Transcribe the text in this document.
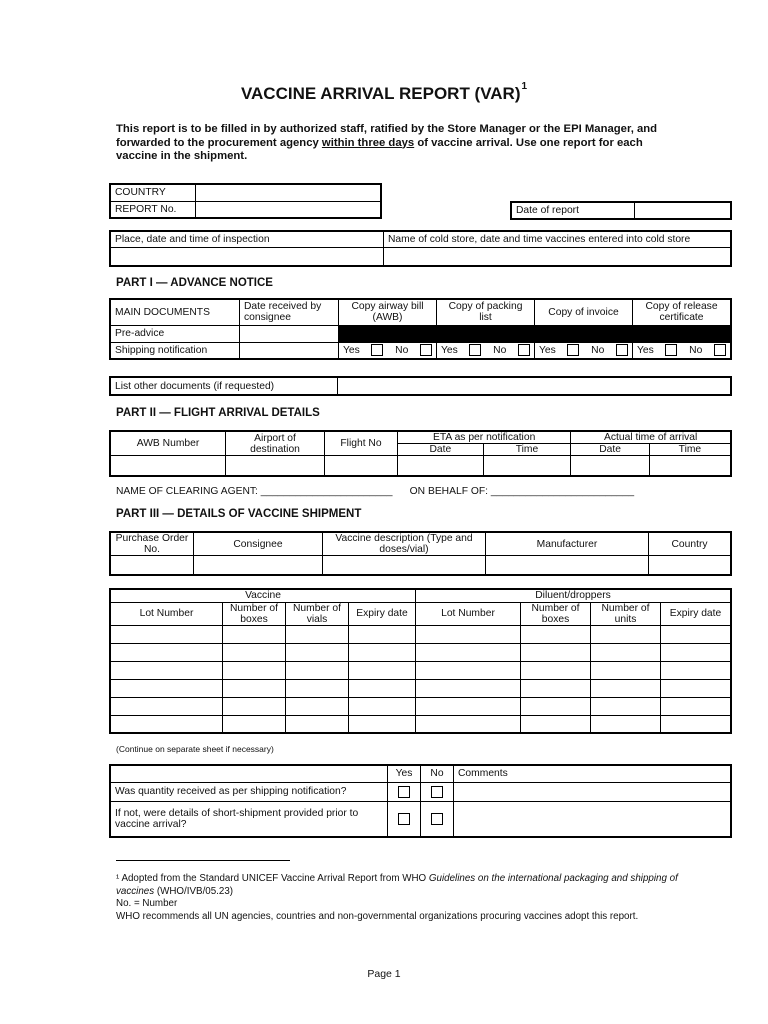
VACCINE ARRIVAL REPORT (VAR)$^1$
This report is to be filled in by authorized staff, ratified by the Store Manager or the EPI Manager, and forwarded to the procurement agency within three days of vaccine arrival. Use one report for each vaccine in the shipment.
COUNTRY	
REPORT No.		Date of report	
Place, date and time of inspection	Name of cold store, date and time vaccines entered into cold store

PART I — ADVANCE NOTICE
MAIN DOCUMENTS	Date received by consignee	Copy airway bill (AWB)	Copy of packing list	Copy of invoice	Copy of release certificate
Pre-advice					
Shipping notification		Yes No	Yes No	Yes No	Yes No
List other documents (if requested)	
PART II — FLIGHT ARRIVAL DETAILS
AWB Number	Airport of destination	Flight No	ETA as per notification		Actual time of arrival	
			Date	Time	Date	Time

NAME OF CLEARING AGENT: _______________________ ON BEHALF OF: _________________________
PART III — DETAILS OF VACCINE SHIPMENT
Purchase Order No.	Consignee	Vaccine description (Type and doses/vial)	Manufacturer	Country

Vaccine				Diluent/droppers			
Lot Number	Number of boxes	Number of vials	Expiry date	Lot Number	Number of boxes	Number of units	Expiry date

(Continue on separate sheet if necessary)
	Yes	No	Comments
Was quantity received as per shipping notification?			
If not, were details of short-shipment provided prior to vaccine arrival?			
¹ Adopted from the Standard UNICEF Vaccine Arrival Report from WHO Guidelines on the international packaging and shipping of vaccines (WHO/IVB/05.23)
No. = Number
WHO recommends all UN agencies, countries and non-governmental organizations procuring vaccines adopt this report.
Page 1
